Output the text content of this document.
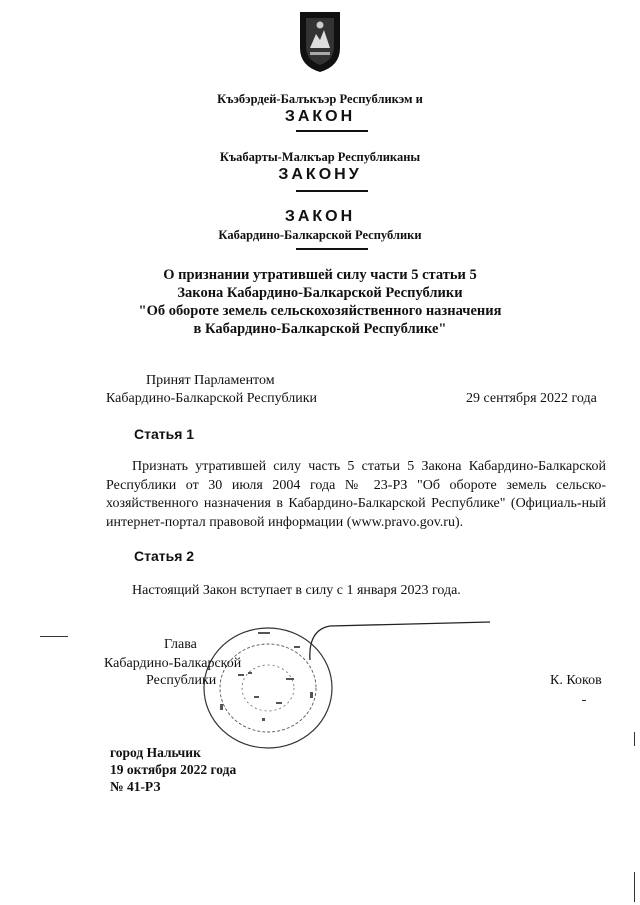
Къэбэрдей-Балъкъэр Республикэм и
ЗАКОН
Къабарты-Малкъар Республиканы
ЗАКОНУ
ЗАКОН
Кабардино-Балкарской Республики
О признании утратившей силу части 5 статьи 5
Закона Кабардино-Балкарской Республики
"Об обороте земель сельскохозяйственного назначения
в Кабардино-Балкарской Республике"
Принят Парламентом
Кабардино-Балкарской Республики	29 сентября 2022 года
Статья 1
Признать утратившей силу часть 5 статьи 5 Закона Кабардино-Балкарской Республики от 30 июля 2004 года № 23-РЗ "Об обороте земель сельско-хозяйственного назначения в Кабардино-Балкарской Республике" (Официаль-ный интернет-портал правовой информации (www.pravo.gov.ru).
Статья 2
Настоящий Закон вступает в силу с 1 января 2023 года.
Глава
Кабардино-Балкарской
Республики	К. Коков
город Нальчик
19 октября 2022 года
№ 41-РЗ
